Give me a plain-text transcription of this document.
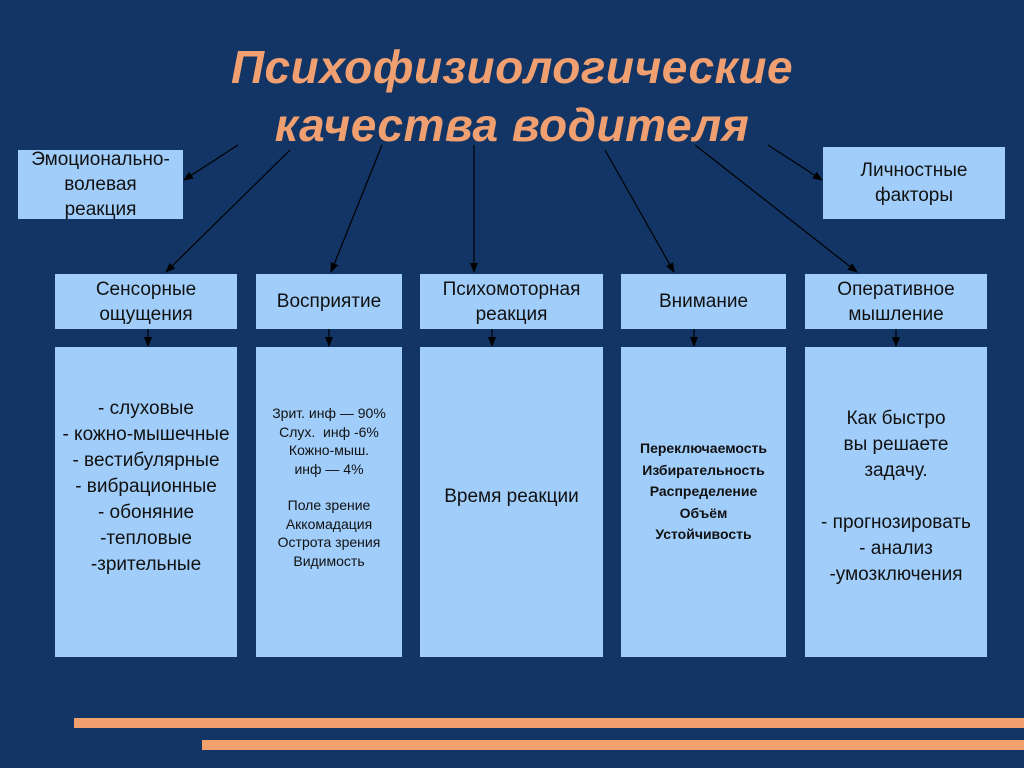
Психофизиологические
качества водителя
Эмоционально-
волевая
реакция
Личностные
факторы
Сенсорные
ощущения
Восприятие
Психомоторная
реакция
Внимание
Оперативное
мышление
- слуховые
- кожно-мышечные
- вестибулярные
- вибрационные
- обоняние
-тепловые
-зрительные
Зрит. инф — 90%
Слух.  инф -6%
Кожно-мыш.
инф — 4%
Поле зрение
Аккомадация
Острота зрения
Видимость
Время реакции
Переключаемость
Избирательность
Распределение
Объём
Устойчивость
Как быстро
вы решаете
задачу.
- прогнозировать
- анализ
-умозключения
